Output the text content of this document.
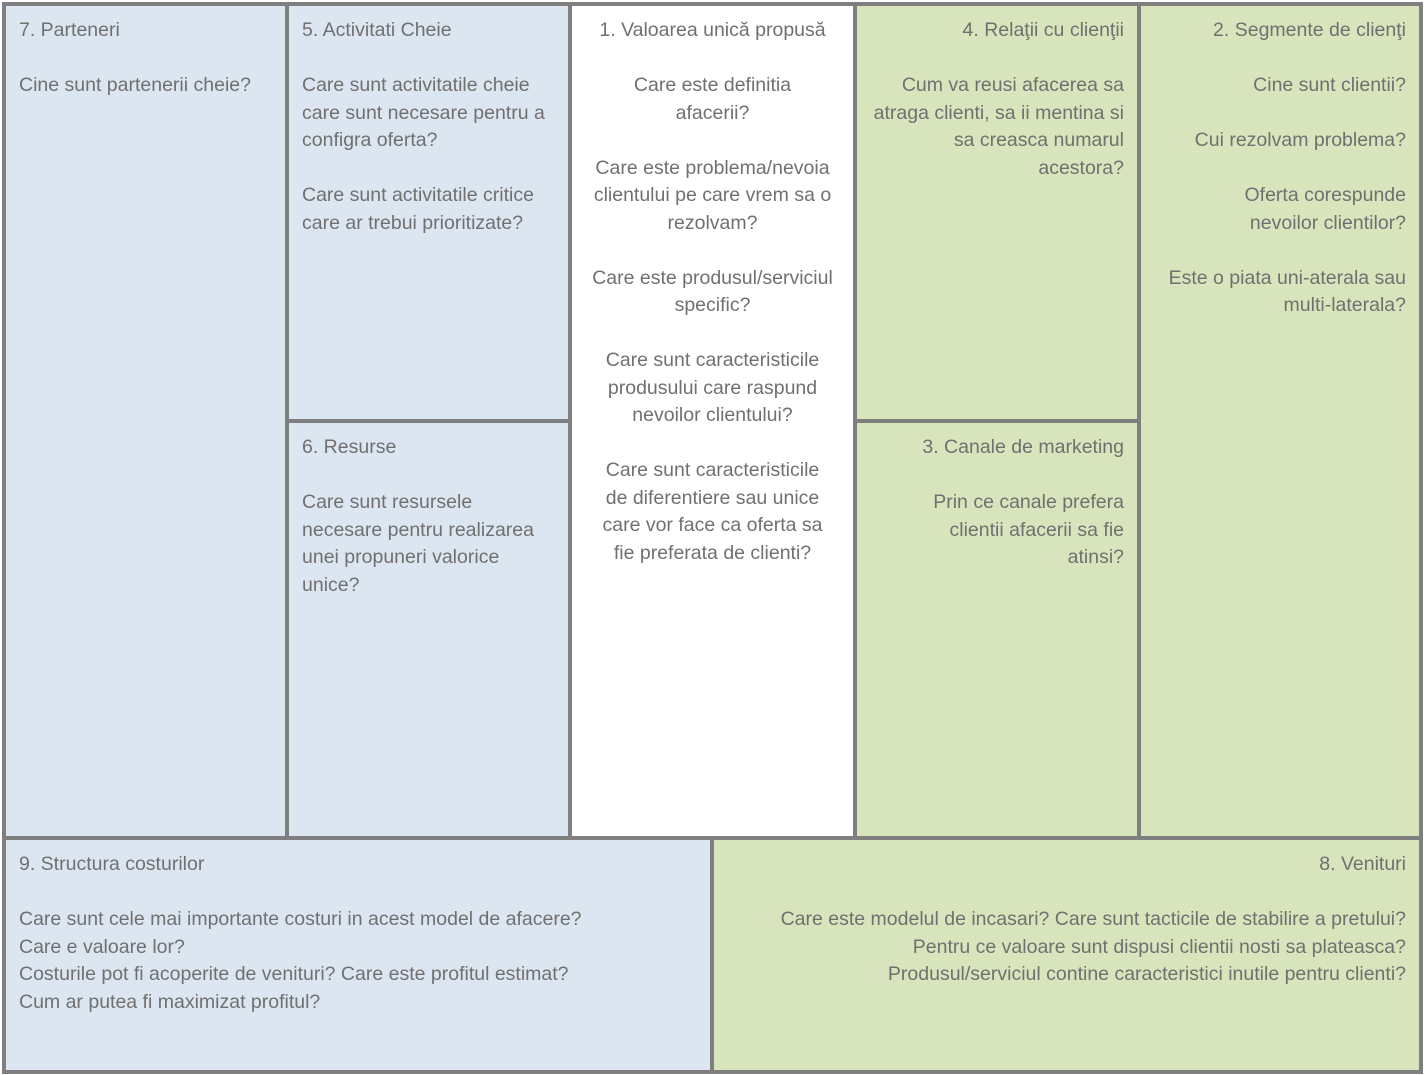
7. Parteneri
Cine sunt partenerii cheie?
5. Activitati Cheie
Care sunt activitatile cheie care sunt necesare pentru a configra oferta?
Care sunt activitatile critice care ar trebui prioritizate?
6. Resurse
Care sunt resursele necesare pentru realizarea unei propuneri valorice unice?
1. Valoarea unică propusă
Care este definitia afacerii?
Care este problema/nevoia clientului pe care vrem sa o rezolvam?
Care este produsul/serviciul specific?
Care sunt caracteristicile produsului care raspund nevoilor clientului?
Care sunt caracteristicile de diferentiere sau unice care vor face ca oferta sa fie preferata de clienti?
4. Relaţii cu clienţii
Cum va reusi afacerea sa atraga clienti, sa ii mentina si sa creasca numarul acestora?
3. Canale de marketing
Prin ce canale prefera clientii afacerii sa fie atinsi?
2. Segmente de clienţi
Cine sunt clientii?
Cui rezolvam problema?
Oferta corespunde nevoilor clientilor?
Este o piata uni-aterala sau multi-laterala?
9. Structura costurilor
Care sunt cele mai importante costuri in acest model de afacere?
Care e valoare lor?
Costurile pot fi acoperite de venituri? Care este profitul estimat?
Cum ar putea fi maximizat profitul?
8. Venituri
Care este modelul de incasari? Care sunt tacticile de stabilire a pretului?
Pentru ce valoare sunt dispusi clientii nosti sa plateasca?
Produsul/serviciul contine caracteristici inutile pentru clienti?
